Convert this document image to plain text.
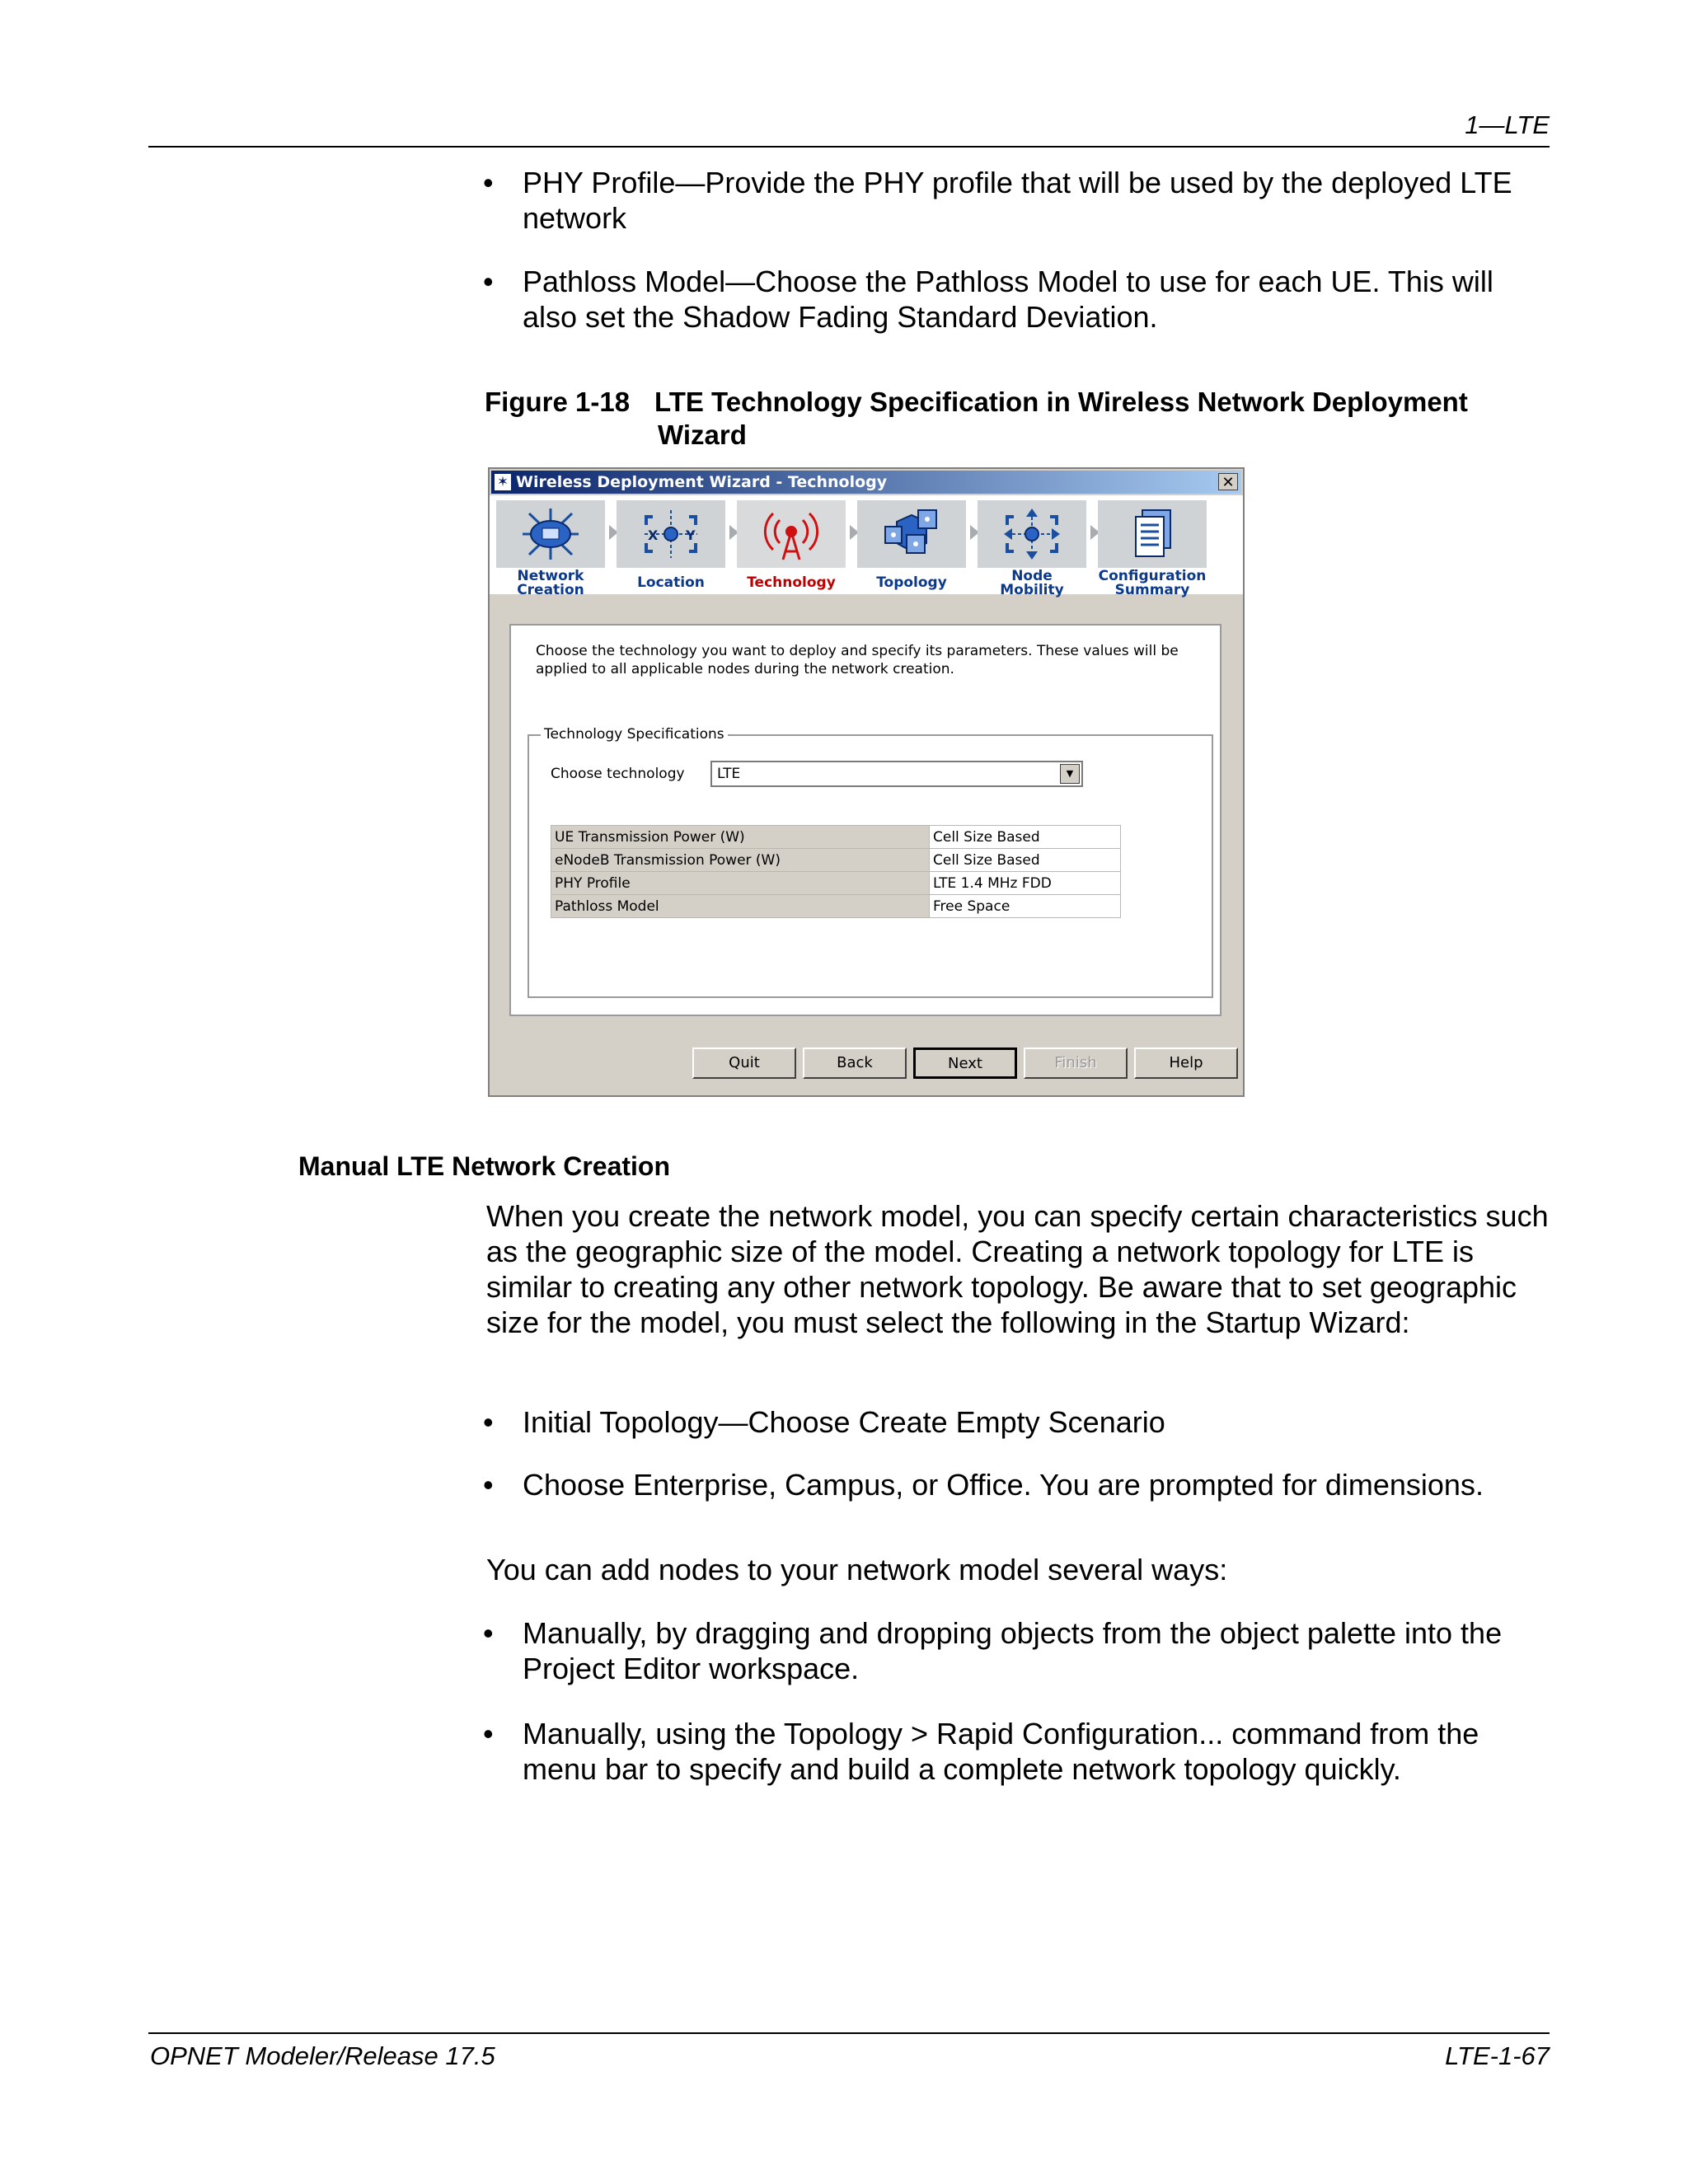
1—LTE
• PHY Profile—Provide the PHY profile that will be used by the deployed LTE network
• Pathloss Model—Choose the Pathloss Model to use for each UE. This will also set the Shadow Fading Standard Deviation.
Figure 1-18 LTE Technology Specification in Wireless Network Deployment
Wizard
✶ Wireless Deployment Wizard - Technology	✕
Network
Creation
X Y
Location	Technology	Topology	Node
Mobility
Configuration
Summary
Choose the technology you want to deploy and specify its parameters. These values will be applied to all applicable nodes during the network creation.
Technology Specifications
Choose technology LTE	▼
UE Transmission Power (W)	Cell Size Based
eNodeB Transmission Power (W)	Cell Size Based
PHY Profile	LTE 1.4 MHz FDD
Pathloss Model	Free Space
Quit	Back	Next	Finish	Help
Manual LTE Network Creation
When you create the network model, you can specify certain characteristics such as the geographic size of the model. Creating a network topology for LTE is similar to creating any other network topology. Be aware that to set geographic size for the model, you must select the following in the Startup Wizard:
• Initial Topology—Choose Create Empty Scenario
• Choose Enterprise, Campus, or Office. You are prompted for dimensions.
You can add nodes to your network model several ways:
• Manually, by dragging and dropping objects from the object palette into the Project Editor workspace.
• Manually, using the Topology > Rapid Configuration... command from the menu bar to specify and build a complete network topology quickly.
OPNET Modeler/Release 17.5	LTE-1-67
